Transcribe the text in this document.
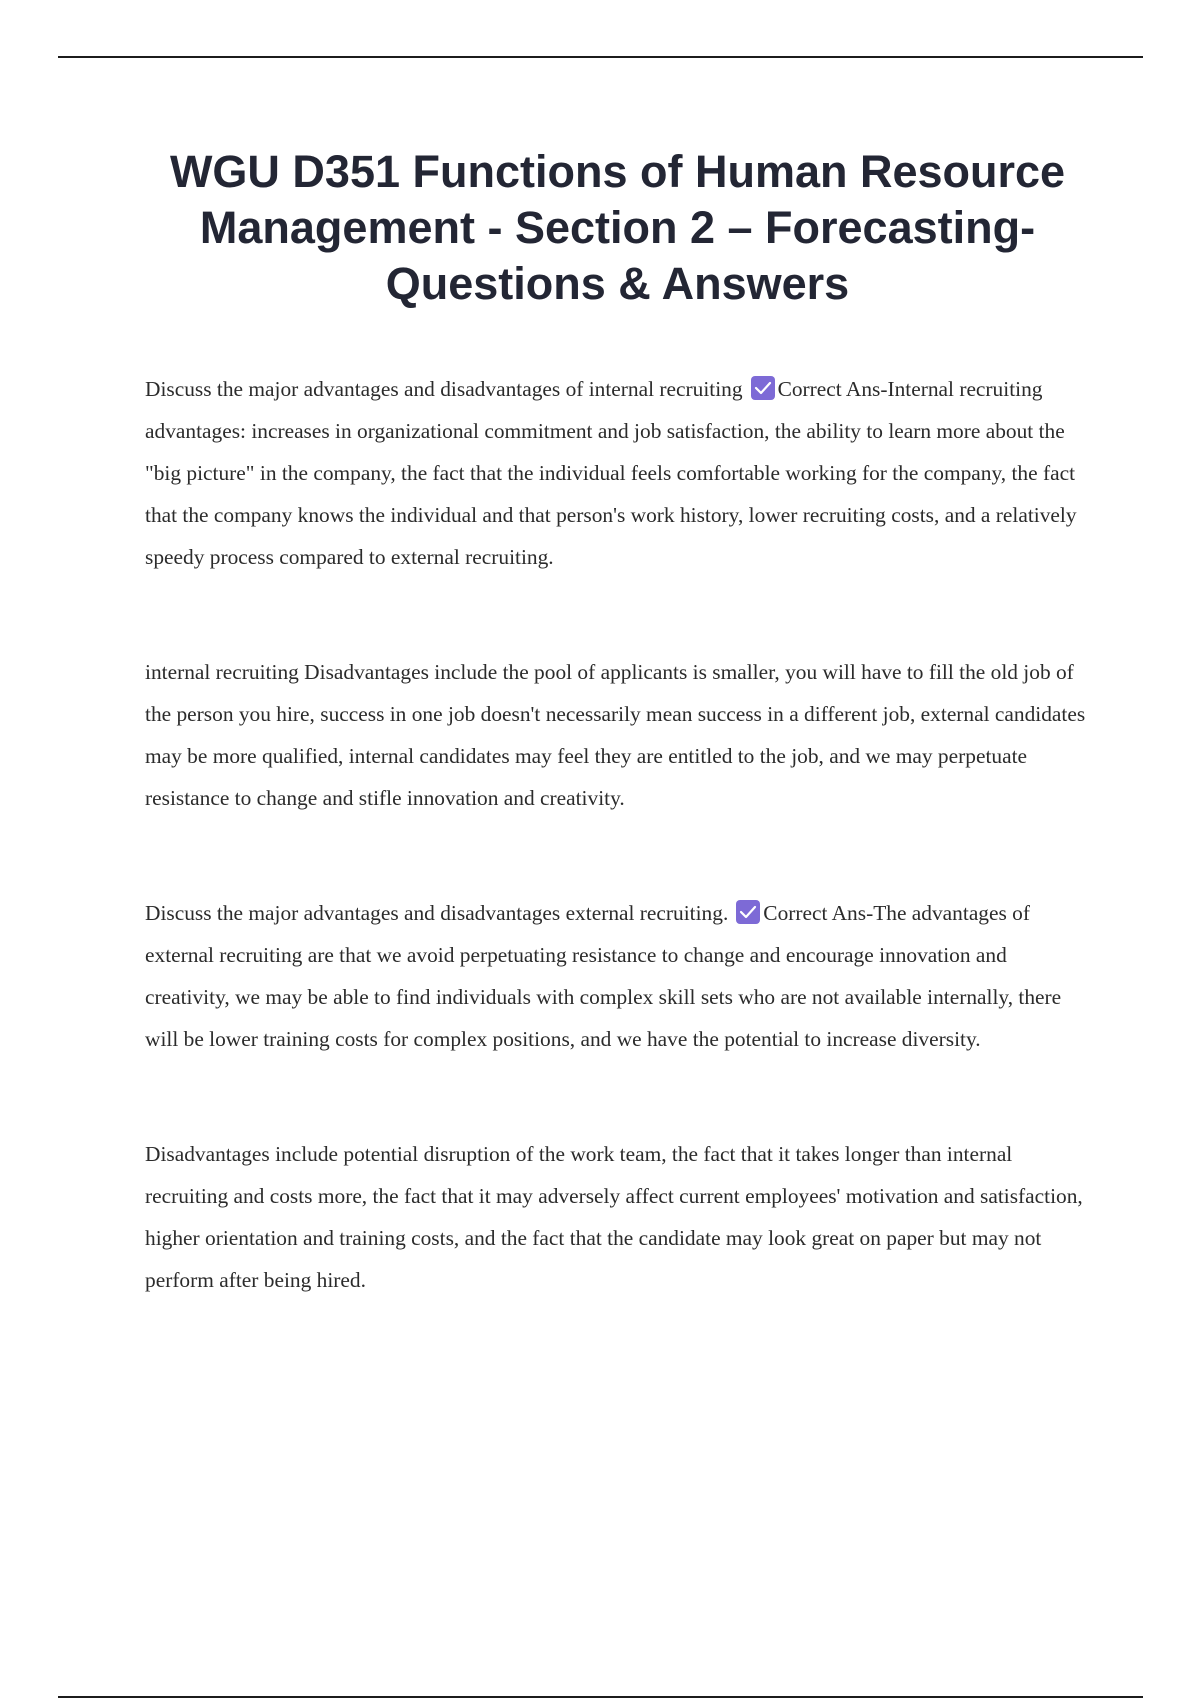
WGU D351 Functions of Human Resource Management - Section 2 – Forecasting- Questions & Answers

Discuss the major advantages and disadvantages of internal recruiting Correct Ans-Internal recruiting advantages: increases in organizational commitment and job satisfaction, the ability to learn more about the "big picture" in the company, the fact that the individual feels comfortable working for the company, the fact that the company knows the individual and that person's work history, lower recruiting costs, and a relatively speedy process compared to external recruiting.

internal recruiting Disadvantages include the pool of applicants is smaller, you will have to fill the old job of the person you hire, success in one job doesn't necessarily mean success in a different job, external candidates may be more qualified, internal candidates may feel they are entitled to the job, and we may perpetuate resistance to change and stifle innovation and creativity.

Discuss the major advantages and disadvantages external recruiting. Correct Ans-The advantages of external recruiting are that we avoid perpetuating resistance to change and encourage innovation and creativity, we may be able to find individuals with complex skill sets who are not available internally, there will be lower training costs for complex positions, and we have the potential to increase diversity.

Disadvantages include potential disruption of the work team, the fact that it takes longer than internal recruiting and costs more, the fact that it may adversely affect current employees' motivation and satisfaction, higher orientation and training costs, and the fact that the candidate may look great on paper but may not perform after being hired.
